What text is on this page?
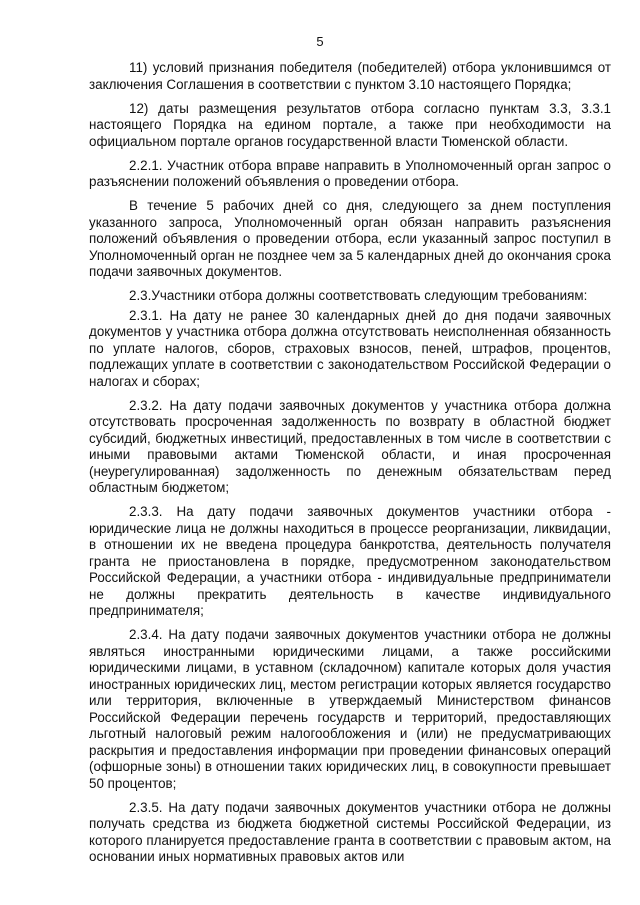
5

11) условий признания победителя (победителей) отбора уклонившимся от заключения Соглашения в соответствии с пунктом 3.10 настоящего Порядка;

12) даты размещения результатов отбора согласно пунктам 3.3, 3.3.1 настоящего Порядка на едином портале, а также при необходимости на официальном портале органов государственной власти Тюменской области.

2.2.1. Участник отбора вправе направить в Уполномоченный орган запрос о разъяснении положений объявления о проведении отбора.

В течение 5 рабочих дней со дня, следующего за днем поступления указанного запроса, Уполномоченный орган обязан направить разъяснения положений объявления о проведении отбора, если указанный запрос поступил в Уполномоченный орган не позднее чем за 5 календарных дней до окончания срока подачи заявочных документов.

2.3.Участники отбора должны соответствовать следующим требованиям:

2.3.1. На дату не ранее 30 календарных дней до дня подачи заявочных документов у участника отбора должна отсутствовать неисполненная обязанность по уплате налогов, сборов, страховых взносов, пеней, штрафов, процентов, подлежащих уплате в соответствии с законодательством Российской Федерации о налогах и сборах;

2.3.2. На дату подачи заявочных документов у участника отбора должна отсутствовать просроченная задолженность по возврату в областной бюджет субсидий, бюджетных инвестиций, предоставленных в том числе в соответствии с иными правовыми актами Тюменской области, и иная просроченная (неурегулированная) задолженность по денежным обязательствам перед областным бюджетом;

2.3.3. На дату подачи заявочных документов участники отбора - юридические лица не должны находиться в процессе реорганизации, ликвидации, в отношении их не введена процедура банкротства, деятельность получателя гранта не приостановлена в порядке, предусмотренном законодательством Российской Федерации, а участники отбора - индивидуальные предприниматели не должны прекратить деятельность в качестве индивидуального предпринимателя;

2.3.4. На дату подачи заявочных документов участники отбора не должны являться иностранными юридическими лицами, а также российскими юридическими лицами, в уставном (складочном) капитале которых доля участия иностранных юридических лиц, местом регистрации которых является государство или территория, включенные в утверждаемый Министерством финансов Российской Федерации перечень государств и территорий, предоставляющих льготный налоговый режим налогообложения и (или) не предусматривающих раскрытия и предоставления информации при проведении финансовых операций (офшорные зоны) в отношении таких юридических лиц, в совокупности превышает 50 процентов;

2.3.5. На дату подачи заявочных документов участники отбора не должны получать средства из бюджета бюджетной системы Российской Федерации, из которого планируется предоставление гранта в соответствии с правовым актом, на основании иных нормативных правовых актов или
